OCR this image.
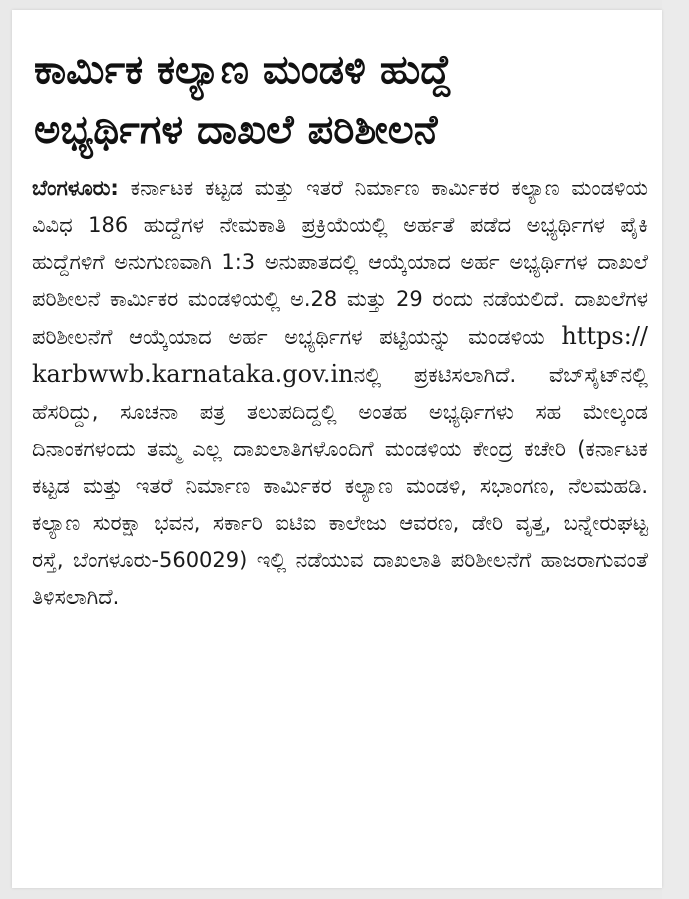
ಕಾರ್ಮಿಕ ಕಲ್ಯಾಣ ಮಂಡಳಿ ಹುದ್ದೆ
ಅಭ್ಯರ್ಥಿಗಳ ದಾಖಲೆ ಪರಿಶೀಲನೆ
ಬೆಂಗಳೂರು: ಕರ್ನಾಟಕ ಕಟ್ಟಡ ಮತ್ತು ಇತರೆ ನಿರ್ಮಾಣ ಕಾರ್ಮಿಕರ ಕಲ್ಯಾಣ ಮಂಡಳಿಯ ವಿವಿಧ 186 ಹುದ್ದೆಗಳ ನೇಮಕಾತಿ ಪ್ರಕ್ರಿಯೆಯಲ್ಲಿ ಅರ್ಹತೆ ಪಡೆದ ಅಭ್ಯರ್ಥಿಗಳ ಪೈಕಿ ಹುದ್ದೆಗಳಿಗೆ ಅನುಗುಣವಾಗಿ 1:3 ಅನುಪಾತದಲ್ಲಿ ಆಯ್ಕೆಯಾದ ಅರ್ಹ ಅಭ್ಯರ್ಥಿಗಳ ದಾಖಲೆ ಪರಿಶೀಲನೆ ಕಾರ್ಮಿಕರ ಮಂಡಳಿಯಲ್ಲಿ ಅ.28 ಮತ್ತು 29 ರಂದು ನಡೆಯಲಿದೆ. ದಾಖಲೆಗಳ ಪರಿಶೀಲನೆಗೆ ಆಯ್ಕೆಯಾದ ಅರ್ಹ ಅಭ್ಯರ್ಥಿಗಳ ಪಟ್ಟಿಯನ್ನು ಮಂಡಳಿಯ https:// karbwwb.karnataka.gov.inನಲ್ಲಿ ಪ್ರಕಟಿಸಲಾಗಿದೆ. ವೆಬ್‌ಸೈಟ್‌ನಲ್ಲಿ ಹೆಸರಿದ್ದು, ಸೂಚನಾ ಪತ್ರ ತಲುಪದಿದ್ದಲ್ಲಿ ಅಂತಹ ಅಭ್ಯರ್ಥಿಗಳು ಸಹ ಮೇಲ್ಕಂಡ ದಿನಾಂಕಗಳಂದು ತಮ್ಮ ಎಲ್ಲ ದಾಖಲಾತಿಗಳೊಂದಿಗೆ ಮಂಡಳಿಯ ಕೇಂದ್ರ ಕಚೇರಿ (ಕರ್ನಾಟಕ ಕಟ್ಟಡ ಮತ್ತು ಇತರೆ ನಿರ್ಮಾಣ ಕಾರ್ಮಿಕರ ಕಲ್ಯಾಣ ಮಂಡಳಿ, ಸಭಾಂಗಣ, ನೆಲಮಹಡಿ. ಕಲ್ಯಾಣ ಸುರಕ್ಷಾ ಭವನ, ಸರ್ಕಾರಿ ಐಟಿಐ ಕಾಲೇಜು ಆವರಣ, ಡೇರಿ ವೃತ್ತ, ಬನ್ನೇರುಘಟ್ಟ ರಸ್ತೆ, ಬೆಂಗಳೂರು-560029) ಇಲ್ಲಿ ನಡೆಯುವ ದಾಖಲಾತಿ ಪರಿಶೀಲನೆಗೆ ಹಾಜರಾಗುವಂತೆ ತಿಳಿಸಲಾಗಿದೆ.
